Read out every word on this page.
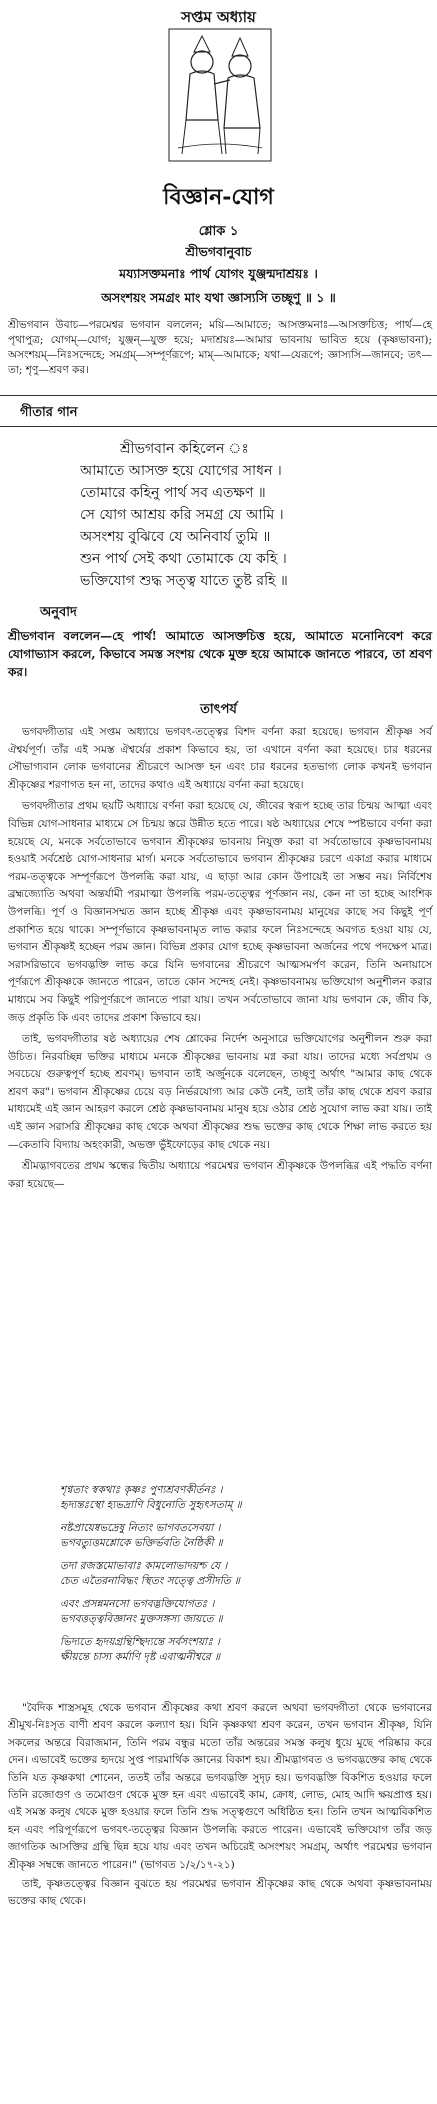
সপ্তম অধ্যায়
বিজ্ঞান-যোগ
শ্লোক ১
শ্রীভগবানুবাচ
ময্যাসক্তমনাঃ পার্থ যোগং যুঞ্জন্মদাশ্রয়ঃ ।
অসংশয়ং সমগ্রং মাং যথা জ্ঞাস্যসি তচ্ছৃণু ॥ ১ ॥
শ্রীভগবান উবাচ—পরমেশ্বর ভগবান বললেন; ময়ি—আমাতে; আসক্তমনাঃ—আসক্তচিত্ত; পার্থ—হে পৃথাপুত্র; যোগম্—যোগ; যুঞ্জন্—যুক্ত হয়ে; মদাশ্রয়ঃ—আমার ভাবনায় ভাবিত হয়ে (কৃষ্ণভাবনা); অসংশয়ম্—নিঃসন্দেহে; সমগ্রম্—সম্পূর্ণরূপে; মাম্—আমাকে; যথা—যেরূপে; জ্ঞাস্যসি—জানবে; তৎ—তা; শৃণু—শ্রবণ কর।
গীতার গান
শ্রীভগবান কহিলেন ঃ
আমাতে আসক্ত হয়ে যোগের সাধন ।
তোমারে কহিনু পার্থ সব এতক্ষণ ॥
সে যোগ আশ্রয় করি সমগ্র যে আমি ।
অসংশয় বুঝিবে যে অনিবার্য তুমি ॥
শুন পার্থ সেই কথা তোমাকে যে কহি ।
ভক্তিযোগ শুদ্ধ সত্ত্ব যাতে তুষ্ট রহি ॥
অনুবাদ
শ্রীভগবান বললেন—হে পার্থ! আমাতে আসক্তচিত্ত হয়ে, আমাতে মনোনিবেশ করে যোগাভ্যাস করলে, কিভাবে সমস্ত সংশয় থেকে মুক্ত হয়ে আমাকে জানতে পারবে, তা শ্রবণ কর।
তাৎপর্য

ভগবদ্গীতার এই সপ্তম অধ্যায়ে ভগবৎ-তত্ত্বের বিশদ বর্ণনা করা হয়েছে। ভগবান শ্রীকৃষ্ণ সর্ব ঐশ্বর্যপূর্ণ। তাঁর এই সমস্ত ঐশ্বর্যের প্রকাশ কিভাবে হয়, তা এখানে বর্ণনা করা হয়েছে। চার ধরনের সৌভাগ্যবান লোক ভগবানের শ্রীচরণে আসক্ত হন এবং চার ধরনের হতভাগ্য লোক কখনই ভগবান শ্রীকৃষ্ণের শরণাগত হন না, তাদের কথাও এই অধ্যায়ে বর্ণনা করা হয়েছে।

ভগবদ্গীতার প্রথম ছয়টি অধ্যায়ে বর্ণনা করা হয়েছে যে, জীবের স্বরূপ হচ্ছে তার চিন্ময় আত্মা এবং বিভিন্ন যোগ-সাধনার মাধ্যমে সে চিন্ময় স্তরে উন্নীত হতে পারে। ষষ্ঠ অধ্যায়ের শেষে স্পষ্টভাবে বর্ণনা করা হয়েছে যে, মনকে সর্বতোভাবে ভগবান শ্রীকৃষ্ণের ভাবনায় নিযুক্ত করা বা সর্বতোভাবে কৃষ্ণভাবনাময় হওয়াই সর্বশ্রেষ্ঠ যোগ-সাধনার মার্গ। মনকে সর্বতোভাবে ভগবান শ্রীকৃষ্ণের চরণে একাগ্র করার মাধ্যমে পরম-তত্ত্বকে সম্পূর্ণরূপে উপলব্ধি করা যায়, এ ছাড়া আর কোন উপায়েই তা সম্ভব নয়। নির্বিশেষ ব্রহ্মজ্যোতি অথবা অন্তর্যামী পরমাত্মা উপলব্ধি পরম-তত্ত্বের পূর্ণজ্ঞান নয়, কেন না তা হচ্ছে আংশিক উপলব্ধি। পূর্ণ ও বিজ্ঞানসম্মত জ্ঞান হচ্ছে শ্রীকৃষ্ণ এবং কৃষ্ণভাবনাময় মানুষের কাছে সব কিছুই পূর্ণ প্রকাশিত হয়ে থাকে। সম্পূর্ণভাবে কৃষ্ণভাবনামৃত লাভ করার ফলে নিঃসন্দেহে অবগত হওয়া যায় যে, ভগবান শ্রীকৃষ্ণই হচ্ছেন পরম জ্ঞান। বিভিন্ন প্রকার যোগ হচ্ছে কৃষ্ণভাবনা অর্জনের পথে পদক্ষেপ মাত্র। সরাসরিভাবে ভগবদ্ভক্তি লাভ করে যিনি ভগবানের শ্রীচরণে আত্মসমর্পণ করেন, তিনি অনায়াসে পূর্ণরূপে শ্রীকৃষ্ণকে জানতে পারেন, তাতে কোন সন্দেহ নেই। কৃষ্ণভাবনাময় ভক্তিযোগ অনুশীলন করার মাধ্যমে সব কিছুই পরিপূর্ণরূপে জানতে পারা যায়। তখন সর্বতোভাবে জানা যায় ভগবান কে, জীব কি, জড় প্রকৃতি কি এবং তাদের প্রকাশ কিভাবে হয়।

তাই, ভগবদ্গীতার ষষ্ঠ অধ্যায়ের শেষ শ্লোকের নির্দেশ অনুসারে ভক্তিযোগের অনুশীলন শুরু করা উচিত। নিরবচ্ছিন্ন ভক্তির মাধ্যমে মনকে শ্রীকৃষ্ণের ভাবনায় মগ্ন করা যায়। তাদের মধ্যে সর্বপ্রথম ও সবচেয়ে গুরুত্বপূর্ণ হচ্ছে শ্রবণম্। ভগবান তাই অর্জুনকে বলেছেন, তচ্ছৃণু অর্থাৎ "আমার কাছ থেকে শ্রবণ কর"। ভগবান শ্রীকৃষ্ণের চেয়ে বড় নির্ভরযোগ্য আর কেউ নেই, তাই তাঁর কাছ থেকে শ্রবণ করার মাধ্যমেই এই জ্ঞান আহরণ করলে শ্রেষ্ঠ কৃষ্ণভাবনাময় মানুষ হয়ে ওঠার শ্রেষ্ঠ সুযোগ লাভ করা যায়। তাই এই জ্ঞান সরাসরি শ্রীকৃষ্ণের কাছ থেকে অথবা শ্রীকৃষ্ণের শুদ্ধ ভক্তের কাছ থেকে শিক্ষা লাভ করতে হয়—কেতাবি বিদ্যায় অহংকারী, অভক্ত ভুঁইফোড়ের কাছ থেকে নয়।

শ্রীমদ্ভাগবতের প্রথম স্কন্ধের দ্বিতীয় অধ্যায়ে পরমেশ্বর ভগবান শ্রীকৃষ্ণকে উপলব্ধির এই পদ্ধতি বর্ণনা করা হয়েছে—

শৃণ্বতাং স্বকথাঃ কৃষ্ণঃ পুণ্যশ্রবণকীর্তনঃ ।
হৃদ্যন্তঃস্থো হ্যভদ্রাণি বিধুনোতি সুহৃৎসতাম্ ॥
নষ্টপ্রায়েষ্বভদ্রেষু নিত্যং ভাগবতসেবয়া ।
ভগবত্যুত্তমশ্লোকে ভক্তির্ভবতি নৈষ্ঠিকী ॥
তদা রজস্তমোভাবাঃ কামলোভাদয়শ্চ যে ।
চেত এতৈরনাবিদ্ধং স্থিতং সত্ত্বে প্রসীদতি ॥
এবং প্রসন্নমনসো ভগবদ্ভক্তিযোগতঃ ।
ভগবত্তত্ত্ববিজ্ঞানং মুক্তসঙ্গস্য জায়তে ॥
ভিদ্যতে হৃদয়গ্রন্থিশ্ছিদ্যন্তে সর্বসংশয়াঃ ।
ক্ষীয়ন্তে চাস্য কর্মাণি দৃষ্ট এবাত্মনীশ্বরে ॥

"বৈদিক শাস্ত্রসমূহ থেকে ভগবান শ্রীকৃষ্ণের কথা শ্রবণ করলে অথবা ভগবদ্গীতা থেকে ভগবানের শ্রীমুখ-নিঃসৃত বাণী শ্রবণ করলে কল্যাণ হয়। যিনি কৃষ্ণকথা শ্রবণ করেন, তখন ভগবান শ্রীকৃষ্ণ, যিনি সকলের অন্তরে বিরাজমান, তিনি পরম বন্ধুর মতো তাঁর অন্তরের সমস্ত কলুষ ধুয়ে মুছে পরিষ্কার করে দেন। এভাবেই ভক্তের হৃদয়ে সুপ্ত পারমার্থিক জ্ঞানের বিকাশ হয়। শ্রীমদ্ভাগবত ও ভগবদ্ভক্তের কাছ থেকে তিনি যত কৃষ্ণকথা শোনেন, ততই তাঁর অন্তরে ভগবদ্ভক্তি সুদৃঢ় হয়। ভগবদ্ভক্তি বিকশিত হওয়ার ফলে তিনি রজোগুণ ও তমোগুণ থেকে মুক্ত হন এবং এভাবেই কাম, ক্রোধ, লোভ, মোহ আদি ক্ষয়প্রাপ্ত হয়। এই সমস্ত কলুষ থেকে মুক্ত হওয়ার ফলে তিনি শুদ্ধ সত্ত্বগুণে অধিষ্ঠিত হন। তিনি তখন আত্মবিকশিত হন এবং পরিপূর্ণরূপে ভগবৎ-তত্ত্বের বিজ্ঞান উপলব্ধি করতে পারেন। এভাবেই ভক্তিযোগ তাঁর জড় জাগতিক আসক্তির গ্রন্থি ছিন্ন হয়ে যায় এবং তখন অচিরেই অসংশয়ং সমগ্রম্, অর্থাৎ পরমেশ্বর ভগবান শ্রীকৃষ্ণ সম্বন্ধে জানতে পারেন।" (ভাগবত ১/২/১৭-২১)

তাই, কৃষ্ণতত্ত্বের বিজ্ঞান বুঝতে হয় পরমেশ্বর ভগবান শ্রীকৃষ্ণের কাছ থেকে অথবা কৃষ্ণভাবনাময় ভক্তের কাছ থেকে।
